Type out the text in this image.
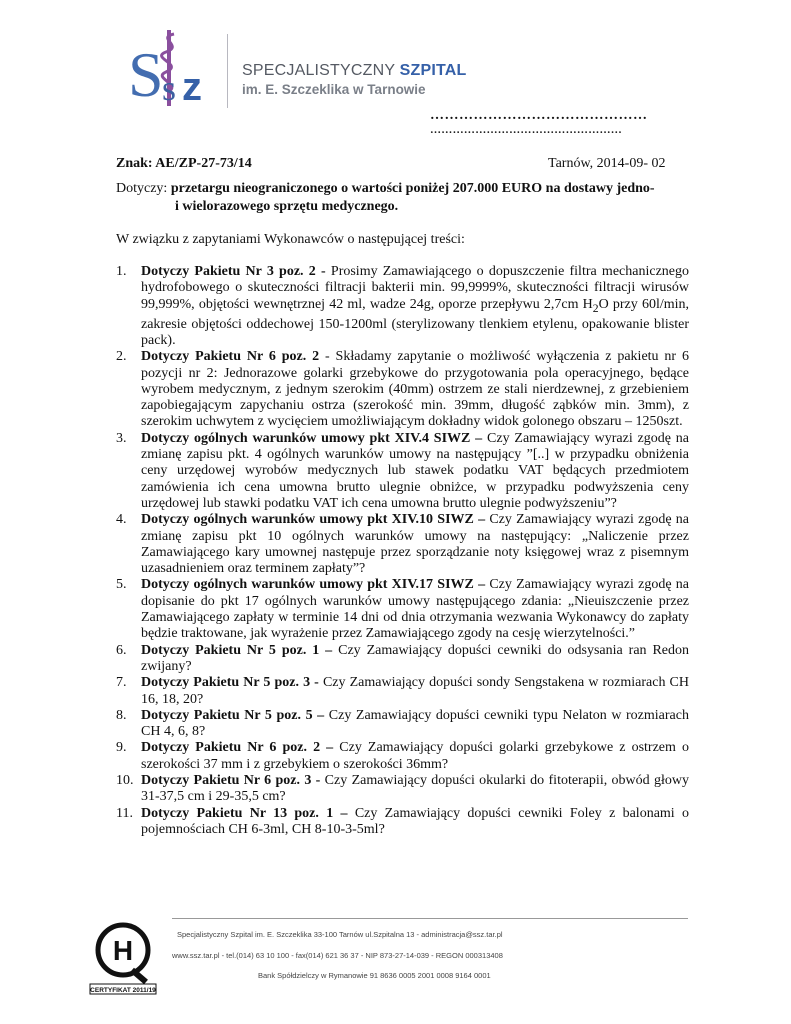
S
s z	SPECJALISTYCZNY SZPITAL
im. E. Szczeklika w Tarnowie
………………………………………
……………………………………………
Znak: AE/ZP-27-73/14	Tarnów, 2014-09- 02
Dotyczy: przetargu nieograniczonego o wartości poniżej 207.000 EURO na dostawy jedno-
i wielorazowego sprzętu medycznego.
W związku z zapytaniami Wykonawców o następującej treści:
1. Dotyczy Pakietu Nr 3 poz. 2 - Prosimy Zamawiającego o dopuszczenie filtra mechanicznego hydrofobowego o skuteczności filtracji bakterii min. 99,9999%, skuteczności filtracji wirusów 99,999%, objętości wewnętrznej 42 ml, wadze 24g, oporze przepływu 2,7cm $H_2O$ przy 60l/min, zakresie objętości oddechowej 150-1200ml (sterylizowany tlenkiem etylenu, opakowanie blister pack).
2. Dotyczy Pakietu Nr 6 poz. 2 - Składamy zapytanie o możliwość wyłączenia z pakietu nr 6 pozycji nr 2: Jednorazowe golarki grzebykowe do przygotowania pola operacyjnego, będące wyrobem medycznym, z jednym szerokim (40mm) ostrzem ze stali nierdzewnej, z grzebieniem zapobiegającym zapychaniu ostrza (szerokość min. 39mm, długość ząbków min. 3mm), z szerokim uchwytem z wycięciem umożliwiającym dokładny widok golonego obszaru – 1250szt.
3. Dotyczy ogólnych warunków umowy pkt XIV.4 SIWZ – Czy Zamawiający wyrazi zgodę na zmianę zapisu pkt. 4 ogólnych warunków umowy na następujący ”[..] w przypadku obniżenia ceny urzędowej wyrobów medycznych lub stawek podatku VAT będących przedmiotem zamówienia ich cena umowna brutto ulegnie obniżce, w przypadku podwyższenia ceny urzędowej lub stawki podatku VAT ich cena umowna brutto ulegnie podwyższeniu”?
4. Dotyczy ogólnych warunków umowy pkt XIV.10 SIWZ – Czy Zamawiający wyrazi zgodę na zmianę zapisu pkt 10 ogólnych warunków umowy na następujący: „Naliczenie przez Zamawiającego kary umownej następuje przez sporządzanie noty księgowej wraz z pisemnym uzasadnieniem oraz terminem zapłaty”?
5. Dotyczy ogólnych warunków umowy pkt XIV.17 SIWZ – Czy Zamawiający wyrazi zgodę na dopisanie do pkt 17 ogólnych warunków umowy następującego zdania: „Nieuiszczenie przez Zamawiającego zapłaty w terminie 14 dni od dnia otrzymania wezwania Wykonawcy do zapłaty będzie traktowane, jak wyrażenie przez Zamawiającego zgody na cesję wierzytelności.”
6. Dotyczy Pakietu Nr 5 poz. 1 – Czy Zamawiający dopuści cewniki do odsysania ran Redon zwijany?
7. Dotyczy Pakietu Nr 5 poz. 3 - Czy Zamawiający dopuści sondy Sengstakena w rozmiarach CH 16, 18, 20?
8. Dotyczy Pakietu Nr 5 poz. 5 – Czy Zamawiający dopuści cewniki typu Nelaton w rozmiarach CH 4, 6, 8?
9. Dotyczy Pakietu Nr 6 poz. 2 – Czy Zamawiający dopuści golarki grzebykowe z ostrzem o szerokości 37 mm i z grzebykiem o szerokości 36mm?
10. Dotyczy Pakietu Nr 6 poz. 3 - Czy Zamawiający dopuści okularki do fitoterapii, obwód głowy 31-37,5 cm i 29-35,5 cm?
11. Dotyczy Pakietu Nr 13 poz. 1 – Czy Zamawiający dopuści cewniki Foley z balonami o pojemnościach CH 6-3ml, CH 8-10-3-5ml?
H
CERTYFIKAT 2011/19
Specjalistyczny Szpital im. E. Szczeklika 33-100 Tarnów ul.Szpitalna 13 - administracja@ssz.tar.pl
www.ssz.tar.pl - tel.(014) 63 10 100 - fax(014) 621 36 37 - NIP 873-27-14-039 - REGON 000313408
Bank Spółdzielczy w Rymanowie 91 8636 0005 2001 0008 9164 0001
